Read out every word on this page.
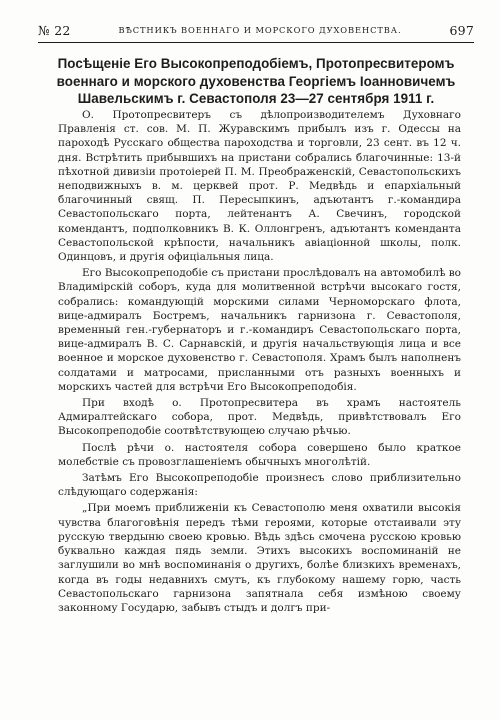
№ 22	ВѢСТНИКЪ ВОЕННАГО И МОРСКОГО ДУХОВЕНСТВА.	697
Посѣщеніе Его Высокопреподобіемъ, Протопресвитеромъ
военнаго и морского духовенства Георгіемъ Іоанновичемъ
Шавельскимъ г. Севастополя 23—27 сентября 1911 г.

О. Протопресвитеръ съ дѣлопроизводителемъ Духовнаго Правленія ст. сов. М. П. Журавскимъ прибылъ изъ г. Одессы на пароходѣ Русскаго общества пароходства и торговли, 23 сент. въ 12 ч. дня. Встрѣтить прибывшихъ на пристани собрались благочинные: 13-й пѣхотной дивизіи протоіерей П. М. Преображенскій, Севастопольскихъ неподвижныхъ в. м. церквей прот. Р. Медвѣдь и епархіальный благочинный свящ. П. Пересыпкинъ, адъютантъ г.-командира Севастопольскаго порта, лейтенантъ А. Свечинъ, городской комендантъ, подполковникъ В. К. Оллонгренъ, адъютантъ коменданта Севастопольской крѣпости, начальникъ авіаціонной школы, полк. Одинцовъ, и другія офиціальныя лица.

Его Высокопреподобіе съ пристани прослѣдовалъ на автомобилѣ во Владимірскій соборъ, куда для молитвенной встрѣчи высокаго гостя, собрались: командующій морскими силами Черноморскаго флота, вице-адмиралъ Бостремъ, начальникъ гарнизона г. Севастополя, временный ген.-губернаторъ и г.-командиръ Севастопольскаго порта, вице-адмиралъ В. С. Сарнавскій, и другія начальствующія лица и все военное и морское духовенство г. Севастополя. Храмъ былъ наполненъ солдатами и матросами, присланными отъ разныхъ военныхъ и морскихъ частей для встрѣчи Его Высокопреподобія.

При входѣ о. Протопресвитера въ храмъ настоятель Адмиралтейскаго собора, прот. Медвѣдь, привѣтствовалъ Его Высокопреподобіе соотвѣтствующею случаю рѣчью.

Послѣ рѣчи о. настоятеля собора совершено было краткое молебствіе съ провозглашеніемъ обычныхъ многолѣтій.

Затѣмъ Его Высокопреподобіе произнесъ слово приблизительно слѣдующаго содержанія:

„При моемъ приближеніи къ Севастополю меня охватили высокія чувства благоговѣнія передъ тѣми героями, которые отстаивали эту русскую твердыню своею кровью. Вѣдь здѣсь смочена русскою кровью буквально каждая пядь земли. Этихъ высокихъ воспоминаній не заглушили во мнѣ воспоминанія о другихъ, болѣе близкихъ временахъ, когда въ годы недавнихъ смутъ, къ глубокому нашему горю, часть Севастопольскаго гарнизона запятнала себя измѣною своему законному Государю, забывъ стыдъ и долгъ при-
